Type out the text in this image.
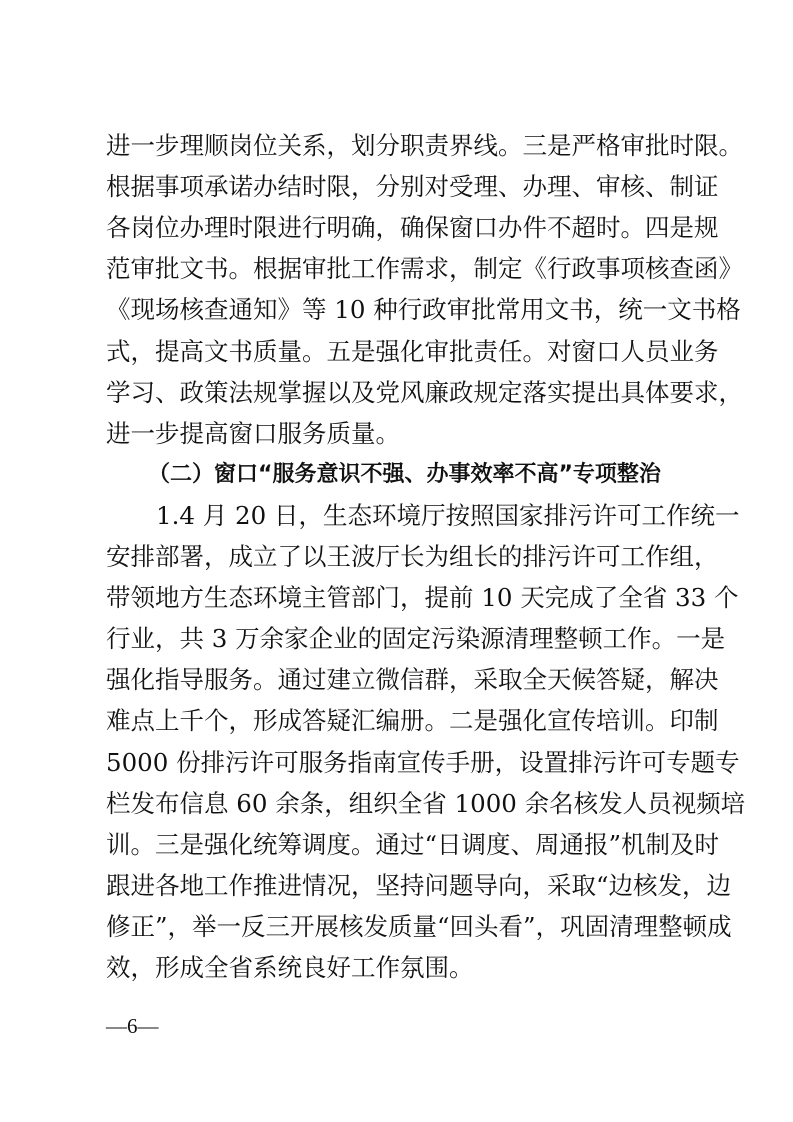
进一步理顺岗位关系，划分职责界线。三是严格审批时限。
根据事项承诺办结时限，分别对受理、办理、审核、制证
各岗位办理时限进行明确，确保窗口办件不超时。四是规
范审批文书。根据审批工作需求，制定《行政事项核查函》
《现场核查通知》等 10 种行政审批常用文书，统一文书格
式，提高文书质量。五是强化审批责任。对窗口人员业务
学习、政策法规掌握以及党风廉政规定落实提出具体要求，
进一步提高窗口服务质量。
（二）窗口“服务意识不强、办事效率不高”专项整治
1.4 月 20 日，生态环境厅按照国家排污许可工作统一
安排部署，成立了以王波厅长为组长的排污许可工作组，
带领地方生态环境主管部门，提前 10 天完成了全省 33 个
行业，共 3 万余家企业的固定污染源清理整顿工作。一是
强化指导服务。通过建立微信群，采取全天候答疑，解决
难点上千个，形成答疑汇编册。二是强化宣传培训。印制
5000 份排污许可服务指南宣传手册，设置排污许可专题专
栏发布信息 60 余条，组织全省 1000 余名核发人员视频培
训。三是强化统筹调度。通过“日调度、周通报”机制及时
跟进各地工作推进情况，坚持问题导向，采取“边核发，边
修正”，举一反三开展核发质量“回头看”，巩固清理整顿成
效，形成全省系统良好工作氛围。
—6—
